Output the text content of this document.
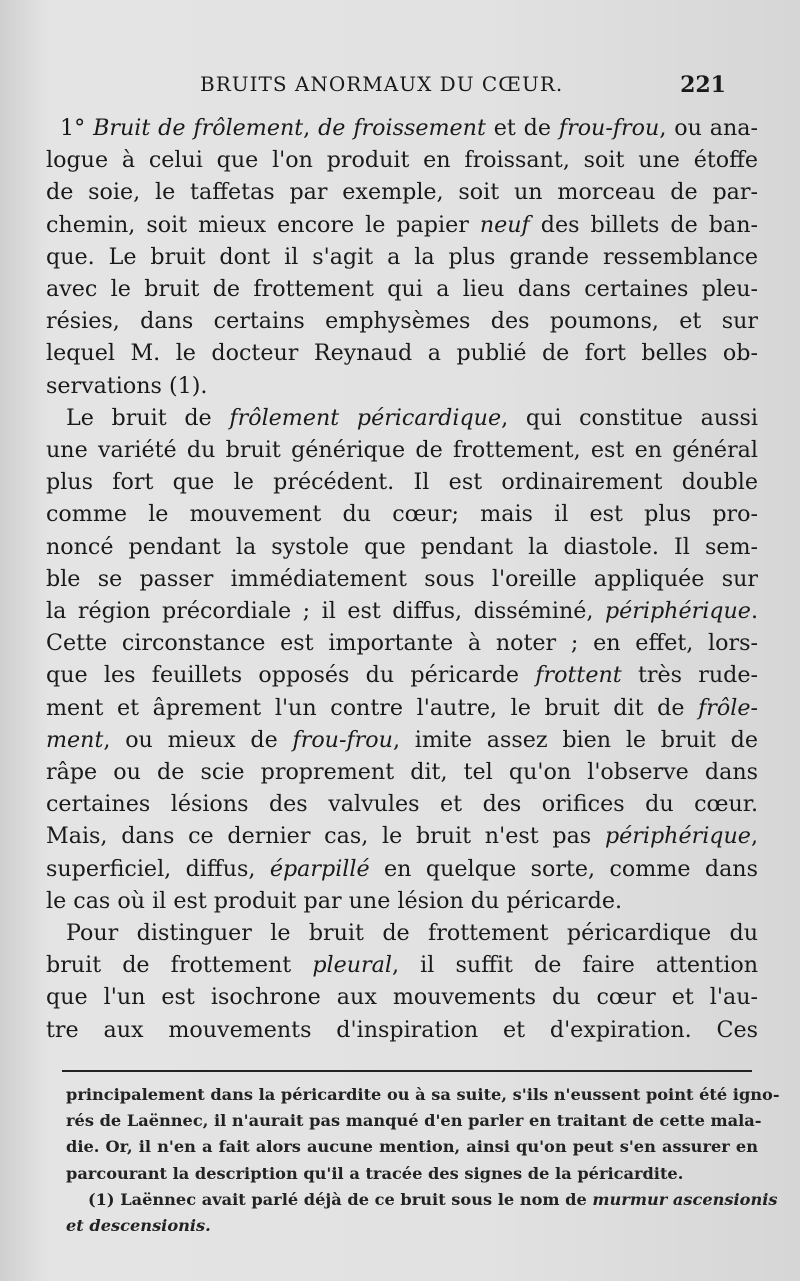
BRUITS ANORMAUX DU CŒUR.	221

1° Bruit de frôlement, de froissement et de frou-frou, ou ana-
logue à celui que l'on produit en froissant, soit une étoffe
de soie, le taffetas par exemple, soit un morceau de par-
chemin, soit mieux encore le papier neuf des billets de ban-
que. Le bruit dont il s'agit a la plus grande ressemblance
avec le bruit de frottement qui a lieu dans certaines pleu-
résies, dans certains emphysèmes des poumons, et sur
lequel M. le docteur Reynaud a publié de fort belles ob-
servations (1).

Le bruit de frôlement péricardique, qui constitue aussi
une variété du bruit générique de frottement, est en général
plus fort que le précédent. Il est ordinairement double
comme le mouvement du cœur; mais il est plus pro-
noncé pendant la systole que pendant la diastole. Il sem-
ble se passer immédiatement sous l'oreille appliquée sur
la région précordiale ; il est diffus, disséminé, périphérique.
Cette circonstance est importante à noter ; en effet, lors-
que les feuillets opposés du péricarde frottent très rude-
ment et âprement l'un contre l'autre, le bruit dit de frôle-
ment, ou mieux de frou-frou, imite assez bien le bruit de
râpe ou de scie proprement dit, tel qu'on l'observe dans
certaines lésions des valvules et des orifices du cœur.
Mais, dans ce dernier cas, le bruit n'est pas périphérique,
superficiel, diffus, éparpillé en quelque sorte, comme dans
le cas où il est produit par une lésion du péricarde.

Pour distinguer le bruit de frottement péricardique du
bruit de frottement pleural, il suffit de faire attention
que l'un est isochrone aux mouvements du cœur et l'au-
tre aux mouvements d'inspiration et d'expiration. Ces

principalement dans la péricardite ou à sa suite, s'ils n'eussent point été igno-
rés de Laënnec, il n'aurait pas manqué d'en parler en traitant de cette mala-
die. Or, il n'en a fait alors aucune mention, ainsi qu'on peut s'en assurer en
parcourant la description qu'il a tracée des signes de la péricardite.
(1) Laënnec avait parlé déjà de ce bruit sous le nom de murmur ascensionis
et descensionis.
